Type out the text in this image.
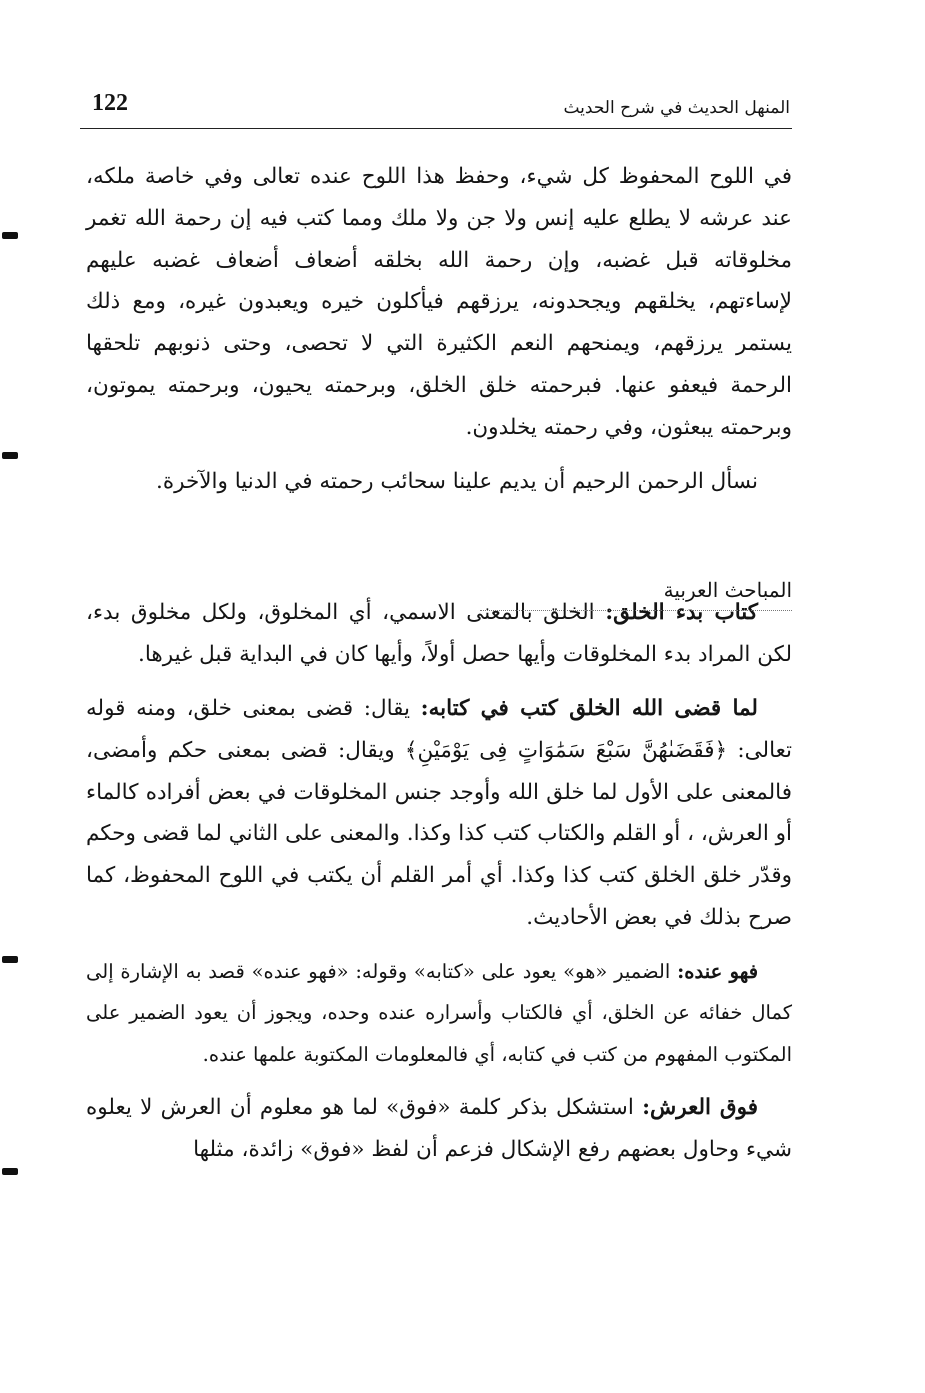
122	المنهل الحديث في شرح الحديث

في اللوح المحفوظ كل شيء، وحفظ هذا اللوح عنده تعالى وفي خاصة ملكه، عند عرشه لا يطلع عليه إنس ولا جن ولا ملك ومما كتب فيه إن رحمة الله تغمر مخلوقاته قبل غضبه، وإن رحمة الله بخلقه أضعاف أضعاف غضبه عليهم لإساءتهم، يخلقهم ويجحدونه، يرزقهم فيأكلون خيره ويعبدون غيره، ومع ذلك يستمر يرزقهم، ويمنحهم النعم الكثيرة التي لا تحصى، وحتى ذنوبهم تلحقها الرحمة فيعفو عنها. فبرحمته خلق الخلق، وبرحمته يحيون، وبرحمته يموتون، وبرحمته يبعثون، وفي رحمته يخلدون.

نسأل الرحمن الرحيم أن يديم علينا سحائب رحمته في الدنيا والآخرة.

كتاب بدء الخلق: الخلق بالمعنى الاسمي، أي المخلوق، ولكل مخلوق بدء، لكن المراد بدء المخلوقات وأيها حصل أولاً، وأيها كان في البداية قبل غيرها.

لما قضى الله الخلق كتب في كتابه: يقال: قضى بمعنى خلق، ومنه قوله تعالى: ﴿فَقَضَىٰهُنَّ سَبْعَ سَمَٰوَاتٍ فِى يَوْمَيْنِ﴾ ويقال: قضى بمعنى حكم وأمضى، فالمعنى على الأول لما خلق الله وأوجد جنس المخلوقات في بعض أفراده كالماء أو العرش، ، أو القلم والكتاب كتب كذا وكذا. والمعنى على الثاني لما قضى وحكم وقدّر خلق الخلق كتب كذا وكذا. أي أمر القلم أن يكتب في اللوح المحفوظ، كما صرح بذلك في بعض الأحاديث.

فهو عنده: الضمير «هو» يعود على «كتابه» وقوله: «فهو عنده» قصد به الإشارة إلى كمال خفائه عن الخلق، أي فالكتاب وأسراره عنده وحده، ويجوز أن يعود الضمير على المكتوب المفهوم من كتب في كتابه، أي فالمعلومات المكتوبة علمها عنده.

فوق العرش: استشكل بذكر كلمة «فوق» لما هو معلوم أن العرش لا يعلوه شيء وحاول بعضهم رفع الإشكال فزعم أن لفظ «فوق» زائدة، مثلها

المباحث العربية
